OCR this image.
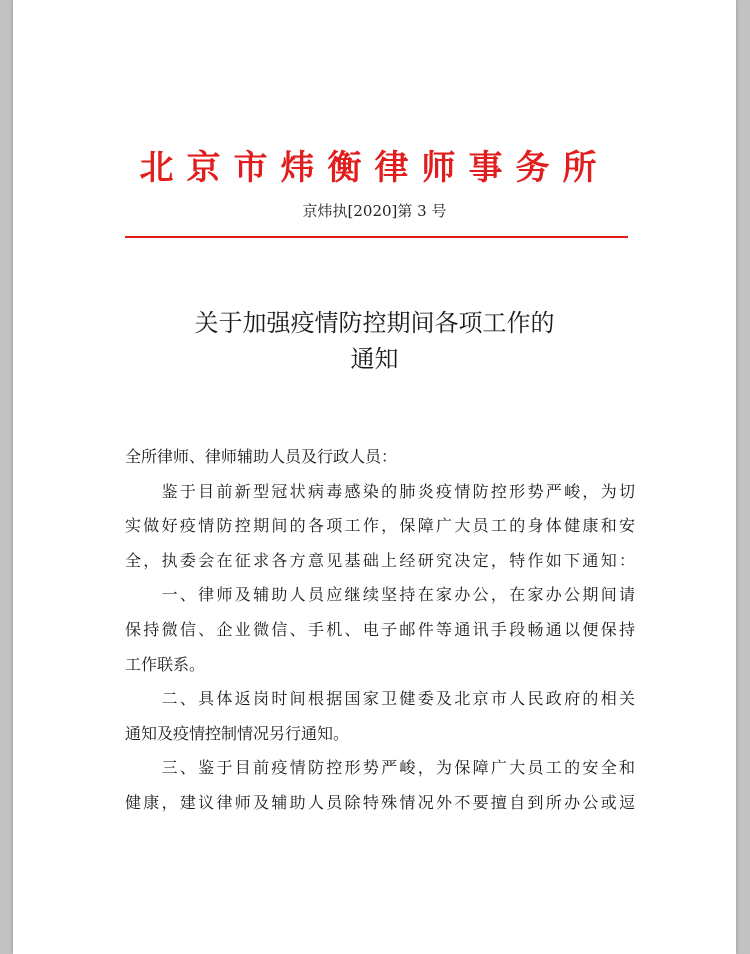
北京市炜衡律师事务所
京炜执[2020]第 3 号
关于加强疫情防控期间各项工作的
通知
全所律师、律师辅助人员及行政人员：
　　鉴于目前新型冠状病毒感染的肺炎疫情防控形势严峻，为切
实做好疫情防控期间的各项工作，保障广大员工的身体健康和安
全，执委会在征求各方意见基础上经研究决定，特作如下通知：
　　一、律师及辅助人员应继续坚持在家办公，在家办公期间请
保持微信、企业微信、手机、电子邮件等通讯手段畅通以便保持
工作联系。
　　二、具体返岗时间根据国家卫健委及北京市人民政府的相关
通知及疫情控制情况另行通知。
　　三、鉴于目前疫情防控形势严峻，为保障广大员工的安全和
健康，建议律师及辅助人员除特殊情况外不要擅自到所办公或逗
